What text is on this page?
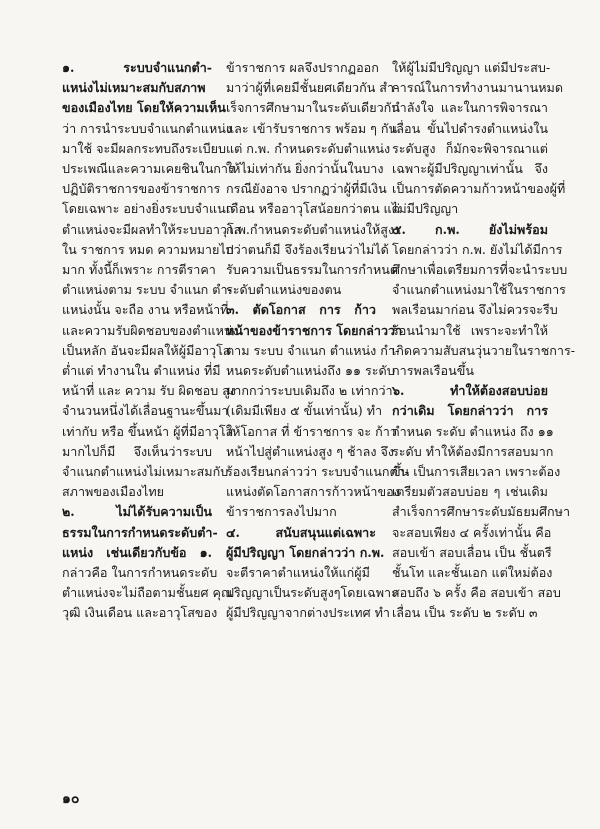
๑. ระบบจำแนกตำ-
แหน่งไม่เหมาะสมกับสภาพ
ของเมืองไทย โดยให้ความเห็น
ว่า การนำระบบจำแนกตำแหน่ง
มาใช้ จะมีผลกระทบถึงระเบียบ
ประเพณีและความเคยชินในการ
ปฏิบัติราชการของข้าราชการ
โดยเฉพาะ อย่างยิ่งระบบจำแนก
ตำแหน่งจะมีผลทำให้ระบบอาวุโส
ใน ราชการ หมด ความหมายไป
มาก ทั้งนี้ก็เพราะ การตีราคา
ตำแหน่งตาม ระบบ จำแนก ตำ-
แหน่งนั้น จะถือ งาน หรือหน้าที่
และความรับผิดชอบของตำแหน่ง
เป็นหลัก อันจะมีผลให้ผู้มีอาวุโส
ต่ำแต่ ทำงานใน ตำแหน่ง ที่มี
หน้าที่ และ ความ รับ ผิดชอบ สูง
จำนวนหนึ่งได้เลื่อนฐานะขึ้นมา
เท่ากับ หรือ ขึ้นหน้า ผู้ที่มีอาวุโส
มากไปก็มี จึงเห็นว่าระบบ
จำแนกตำแหน่งไม่เหมาะสมกับ
สภาพของเมืองไทย
๒. ไม่ได้รับความเป็น
ธรรมในการกำหนดระดับตำ-
แหน่ง เช่นเดียวกับข้อ ๑.
กล่าวคือ ในการกำหนดระดับ
ตำแหน่งจะไม่ถือตามชั้นยศ คุณ
วุฒิ เงินเดือน และอาวุโสของ
ข้าราชการ ผลจึงปรากฏออก
มาว่าผู้ที่เคยมีชั้นยศเดียวกัน สำ-
เร็จการศึกษามาในระดับเดียวกัน
และ เข้ารับราชการ พร้อม ๆ กัน
แต่ ก.พ. กำหนดระดับตำแหน่ง
ให้ไม่เท่ากัน ยิ่งกว่านั้นในบาง
กรณียังอาจ ปรากฏว่าผู้ที่มีเงิน
เดือน หรืออาวุโสน้อยกว่าตน แต่
ก.พ.กำหนดระดับตำแหน่งให้สูง
กว่าตนก็มี จึงร้องเรียนว่าไม่ได้
รับความเป็นธรรมในการกำหนด
ระดับตำแหน่งของตน
๓. ตัดโอกาส การ ก้าว
หน้าของข้าราชการ โดยกล่าวว่า
ตาม ระบบ จำแนก ตำแหน่ง กำ-
หนดระดับตำแหน่งถึง ๑๑ ระดับ
มากกว่าระบบเดิมถึง ๒ เท่ากว่า
(เดิมมีเพียง ๕ ขั้นเท่านั้น) ทำ
ให้โอกาส ที่ ข้าราชการ จะ ก้าว
หน้าไปสู่ตำแหน่งสูง ๆ ช้าลง จึง
ร้องเรียนกล่าวว่า ระบบจำแนกตำ-
แหน่งตัดโอกาสการก้าวหน้าของ
ข้าราชการลงไปมาก
๔. สนับสนุนแต่เฉพาะ
ผู้มีปริญญา โดยกล่าวว่า ก.พ.
จะตีราคาตำแหน่งให้แก่ผู้มี
ปริญญาเป็นระดับสูงๆโดยเฉพาะ
ผู้มีปริญญาจากต่างประเทศ ทำ
ให้ผู้ไม่มีปริญญา แต่มีประสบ-
การณ์ในการทำงานมานานหมด
กำลังใจ และในการพิจารณา
เลื่อน ขั้นไปดำรงตำแหน่งใน
ระดับสูง ก็มักจะพิจารณาแต่
เฉพาะผู้มีปริญญาเท่านั้น จึง
เป็นการตัดความก้าวหน้าของผู้ที่
ไม่มีปริญญา
๕. ก.พ. ยังไม่พร้อม
โดยกล่าวว่า ก.พ. ยังไม่ได้มีการ
ศึกษาเพื่อเตรียมการที่จะนำระบบ
จำแนกตำแหน่งมาใช้ในราชการ
พลเรือนมาก่อน จึงไม่ควรจะรีบ
ร้อนนำมาใช้ เพราะจะทำให้
เกิดความสับสนวุ่นวายในราชการ-
การพลเรือนขึ้น
๖. ทำให้ต้องสอบบ่อย
กว่าเดิม โดยกล่าวว่า การ
กำหนด ระดับ ตำแหน่ง ถึง ๑๑
ระดับ ทำให้ต้องมีการสอบมาก
ขึ้น เป็นการเสียเวลา เพราะต้อง
เตรียมตัวสอบบ่อย ๆ เช่นเดิม
สำเร็จการศึกษาระดับมัธยมศึกษา
จะสอบเพียง ๔ ครั้งเท่านั้น คือ
สอบเข้า สอบเลื่อน เป็น ชั้นตรี
ชั้นโท และชั้นเอก แต่ใหม่ต้อง
สอบถึง ๖ ครั้ง คือ สอบเข้า สอบ
เลื่อน เป็น ระดับ ๒ ระดับ ๓
๑๐
